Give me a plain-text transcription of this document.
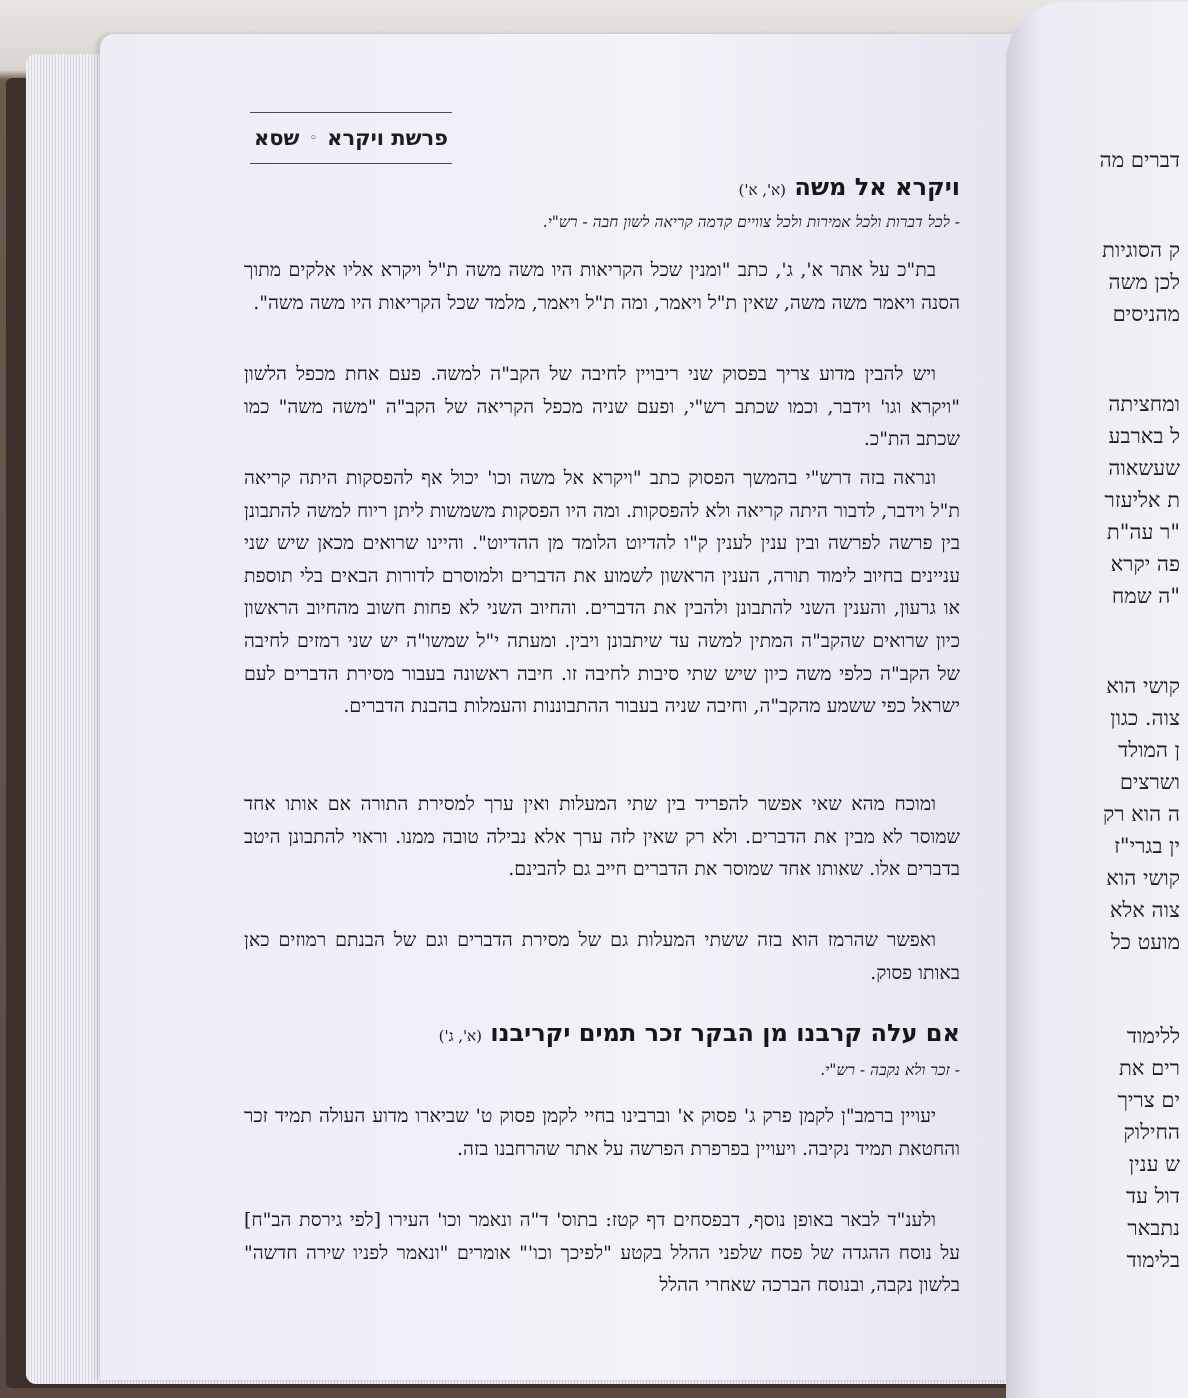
דברים מה
ק הסוגיות
לכן משה
מהניסים
ומחציתה
ל בארבע
שעשאוה
ת אליעזר
"ר עה"ת
פה יקרא
"ה שמח
קושי הוא
צוה. כגון
ן המולד
ושרצים
ה הוא רק
ין בגרי"ז
קושי הוא
צוה אלא
מועט כל
ללימוד
רים את
ים צריך
החילוק
ש ענין
דול עד
נתבאר
בלימוד
פרשת ויקרא
◦
שסא
ויקרא אל משה (א', א')
- לכל דברות ולכל אמירות ולכל צוויים קדמה קריאה לשון חבה - רש"י.
בת"כ על אתר א', ג', כתב "ומנין שכל הקריאות היו משה משה ת"ל ויקרא אליו אלקים מתוך הסנה ויאמר משה משה, שאין ת"ל ויאמר, ומה ת"ל ויאמר, מלמד שכל הקריאות היו משה משה".
ויש להבין מדוע צריך בפסוק שני ריבויין לחיבה של הקב"ה למשה. פעם אחת מכפל הלשון "ויקרא וגו' וידבר, וכמו שכתב רש"י, ופעם שניה מכפל הקריאה של הקב"ה "משה משה" כמו שכתב הת"כ.
ונראה בזה דרש"י בהמשך הפסוק כתב "ויקרא אל משה וכו' יכול אף להפסקות היתה קריאה ת"ל וידבר, לדבור היתה קריאה ולא להפסקות. ומה היו הפסקות משמשות ליתן ריוח למשה להתבונן בין פרשה לפרשה ובין ענין לענין ק"ו להדיוט הלומד מן ההדיוט". והיינו שרואים מכאן שיש שני עניינים בחיוב לימוד תורה, הענין הראשון לשמוע את הדברים ולמוסרם לדורות הבאים בלי תוספת או גרעון, והענין השני להתבונן ולהבין את הדברים. והחיוב השני לא פחות חשוב מהחיוב הראשון כיון שרואים שהקב"ה המתין למשה עד שיתבונן ויבין. ומעתה י"ל שמשו"ה יש שני רמזים לחיבה של הקב"ה כלפי משה כיון שיש שתי סיבות לחיבה זו. חיבה ראשונה בעבור מסירת הדברים לעם ישראל כפי ששמע מהקב"ה, וחיבה שניה בעבור ההתבוננות והעמלות בהבנת הדברים.
ומוכח מהא שאי אפשר להפריד בין שתי המעלות ואין ערך למסירת התורה אם אותו אחד שמוסר לא מבין את הדברים. ולא רק שאין לזה ערך אלא נבילה טובה ממנו. וראוי להתבונן היטב בדברים אלו. שאותו אחד שמוסר את הדברים חייב גם להבינם.
ואפשר שהרמז הוא בזה ששתי המעלות גם של מסירת הדברים וגם של הבנתם רמוזים כאן באותו פסוק.
אם עלה קרבנו מן הבקר זכר תמים יקריבנו (א', ג')
- זכר ולא נקבה - רש"י.
יעויין ברמב"ן לקמן פרק ג' פסוק א' וברבינו בחיי לקמן פסוק ט' שביארו מדוע העולה תמיד זכר והחטאת תמיד נקיבה. ויעויין בפרפרת הפרשה על אתר שהרחבנו בזה.
ולענ"ד לבאר באופן נוסף, דבפסחים דף קטז: בתוס' ד"ה ונאמר וכו' העירו [לפי גירסת הב"ח] על נוסח ההגדה של פסח שלפני ההלל בקטע "לפיכך וכו'" אומרים "ונאמר לפניו שירה חדשה" בלשון נקבה, ובנוסח הברכה שאחרי ההלל
